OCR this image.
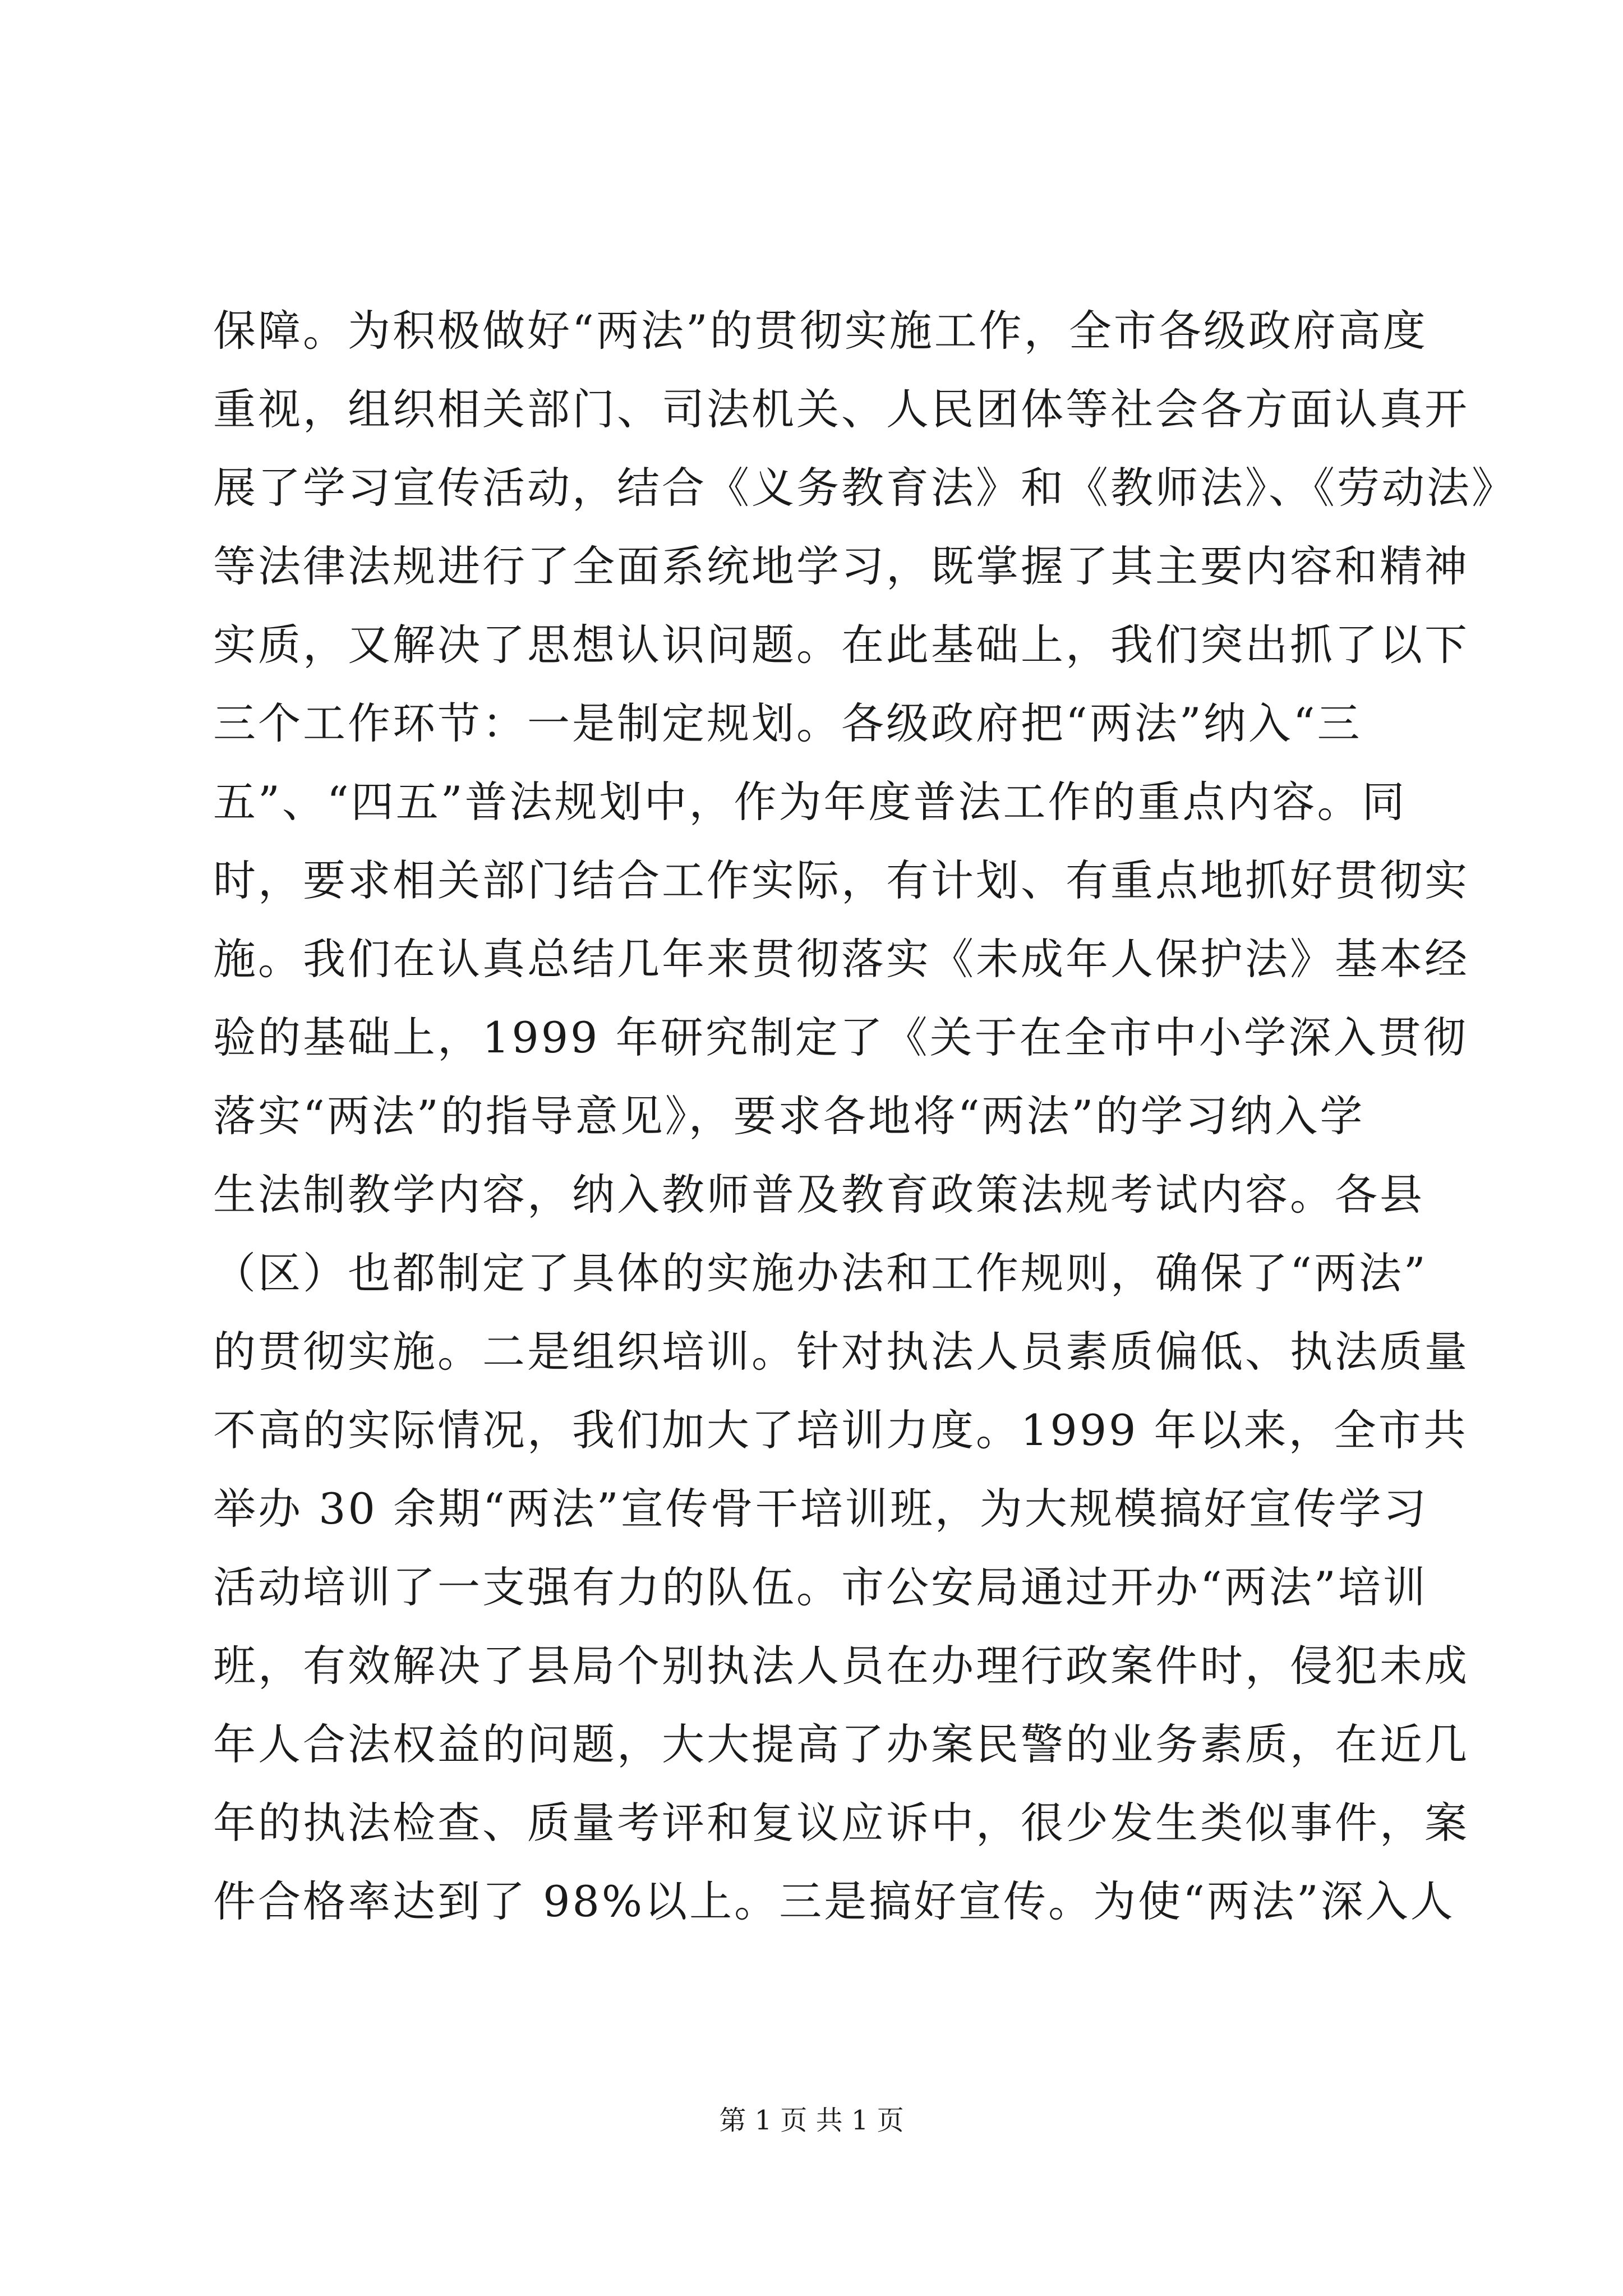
保障。为积极做好“两法”的贯彻实施工作，全市各级政府高度
重视，组织相关部门、司法机关、人民团体等社会各方面认真开
展了学习宣传活动，结合《义务教育法》和《教师法》、《劳动法》
等法律法规进行了全面系统地学习，既掌握了其主要内容和精神
实质，又解决了思想认识问题。在此基础上，我们突出抓了以下
三个工作环节：一是制定规划。各级政府把“两法”纳入“三
五”、“四五”普法规划中，作为年度普法工作的重点内容。同
时，要求相关部门结合工作实际，有计划、有重点地抓好贯彻实
施。我们在认真总结几年来贯彻落实《未成年人保护法》基本经
验的基础上，1999 年研究制定了《关于在全市中小学深入贯彻
落实“两法”的指导意见》，要求各地将“两法”的学习纳入学
生法制教学内容，纳入教师普及教育政策法规考试内容。各县
（区）也都制定了具体的实施办法和工作规则，确保了“两法”
的贯彻实施。二是组织培训。针对执法人员素质偏低、执法质量
不高的实际情况，我们加大了培训力度。1999 年以来，全市共
举办 30 余期“两法”宣传骨干培训班，为大规模搞好宣传学习
活动培训了一支强有力的队伍。市公安局通过开办“两法”培训
班，有效解决了县局个别执法人员在办理行政案件时，侵犯未成
年人合法权益的问题，大大提高了办案民警的业务素质，在近几
年的执法检查、质量考评和复议应诉中，很少发生类似事件，案
件合格率达到了 98%以上。三是搞好宣传。为使“两法”深入人
第 1 页 共 1 页
